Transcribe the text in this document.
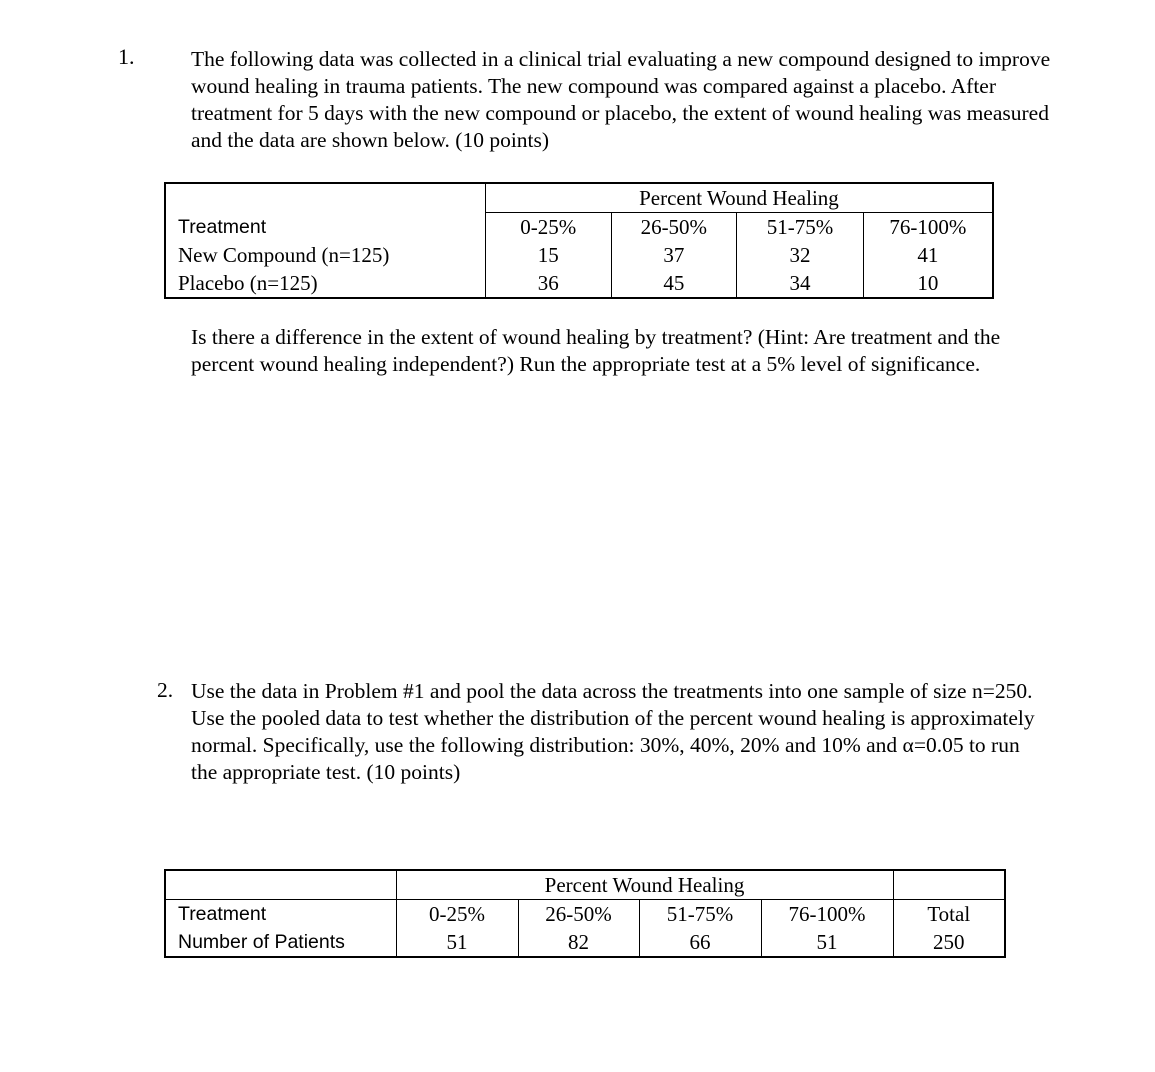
1.	The following data was collected in a clinical trial evaluating a new compound designed to improve wound healing in trauma patients. The new compound was compared against a placebo. After treatment for 5 days with the new compound or placebo, the extent of wound healing was measured and the data are shown below. (10 points)
	Percent Wound Healing			
Treatment	0-25%	26-50%	51-75%	76-100%
New Compound (n=125)	15	37	32	41
Placebo (n=125)	36	45	34	10
Is there a difference in the extent of wound healing by treatment? (Hint: Are treatment and the percent wound healing independent?) Run the appropriate test at a 5% level of significance.
2. Use the data in Problem #1 and pool the data across the treatments into one sample of size n=250. Use the pooled data to test whether the distribution of the percent wound healing is approximately normal. Specifically, use the following distribution: 30%, 40%, 20% and 10% and α=0.05 to run the appropriate test. (10 points)
	Percent Wound Healing				
Treatment	0-25%	26-50%	51-75%	76-100%	Total
Number of Patients	51	82	66	51	250
